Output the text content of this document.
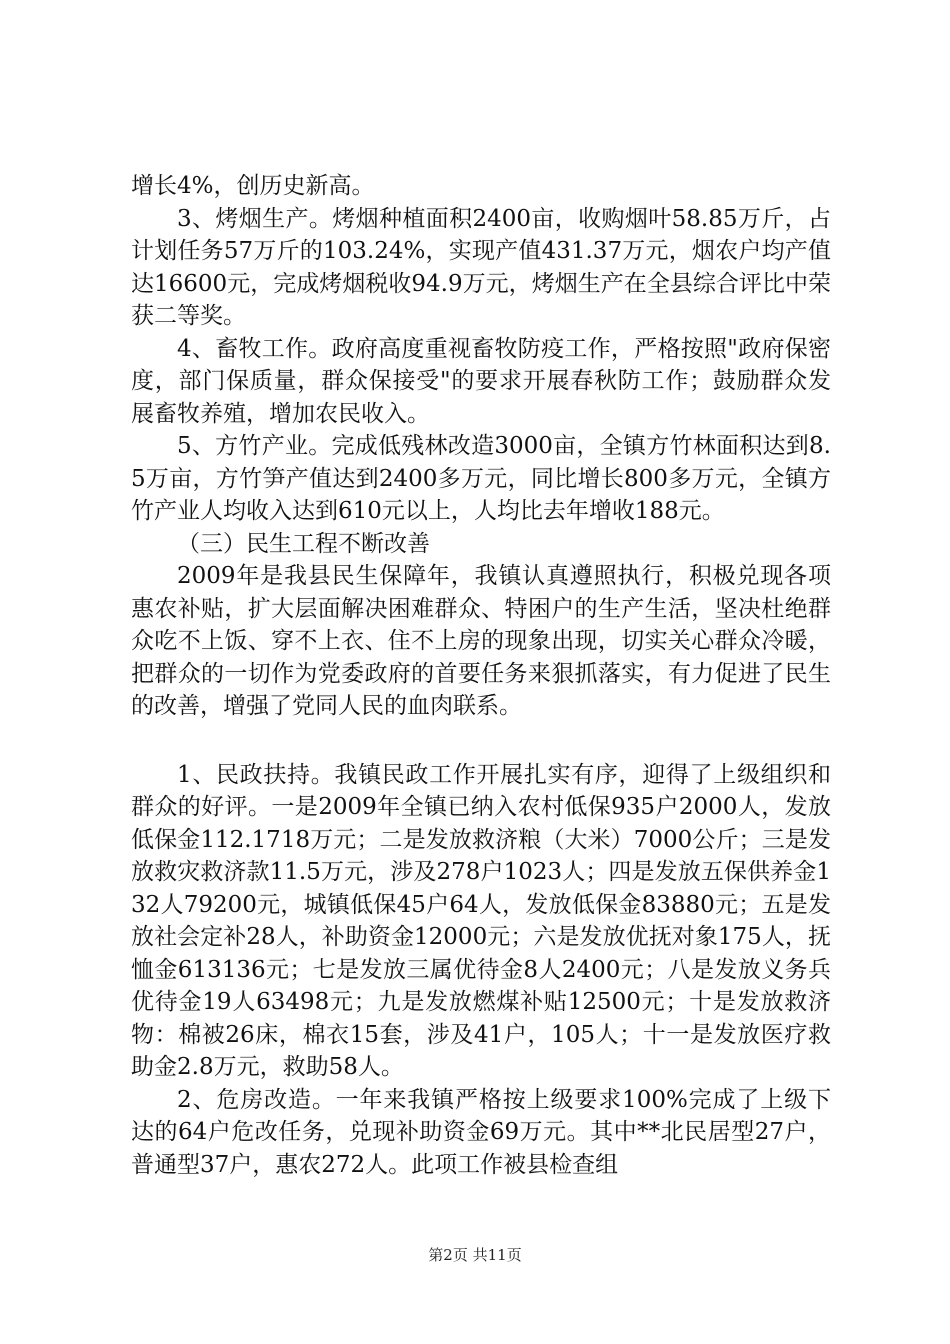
增长4%，创历史新高。

3、烤烟生产。烤烟种植面积2400亩，收购烟叶58.85万斤，占计划任务57万斤的103.24%，实现产值431.37万元，烟农户均产值达16600元，完成烤烟税收94.9万元，烤烟生产在全县综合评比中荣获二等奖。

4、畜牧工作。政府高度重视畜牧防疫工作，严格按照"政府保密度，部门保质量，群众保接受"的要求开展春秋防工作；鼓励群众发展畜牧养殖，增加农民收入。

5、方竹产业。完成低残林改造3000亩，全镇方竹林面积达到8.5万亩，方竹笋产值达到2400多万元，同比增长800多万元，全镇方竹产业人均收入达到610元以上，人均比去年增收188元。

（三）民生工程不断改善

2009年是我县民生保障年，我镇认真遵照执行，积极兑现各项惠农补贴，扩大层面解决困难群众、特困户的生产生活，坚决杜绝群众吃不上饭、穿不上衣、住不上房的现象出现，切实关心群众冷暖，把群众的一切作为党委政府的首要任务来狠抓落实，有力促进了民生的改善，增强了党同人民的血肉联系。

1、民政扶持。我镇民政工作开展扎实有序，迎得了上级组织和群众的好评。一是2009年全镇已纳入农村低保935户2000人，发放低保金112.1718万元；二是发放救济粮（大米）7000公斤；三是发放救灾救济款11.5万元，涉及278户1023人；四是发放五保供养金132人79200元，城镇低保45户64人，发放低保金83880元；五是发放社会定补28人，补助资金12000元；六是发放优抚对象175人，抚恤金613136元；七是发放三属优待金8人2400元；八是发放义务兵优待金19人63498元；九是发放燃煤补贴12500元；十是发放救济物：棉被26床，棉衣15套，涉及41户，105人；十一是发放医疗救助金2.8万元，救助58人。

2、危房改造。一年来我镇严格按上级要求100%完成了上级下达的64户危改任务，兑现补助资金69万元。其中**北民居型27户，普通型37户，惠农272人。此项工作被县检查组

第2页 共11页
